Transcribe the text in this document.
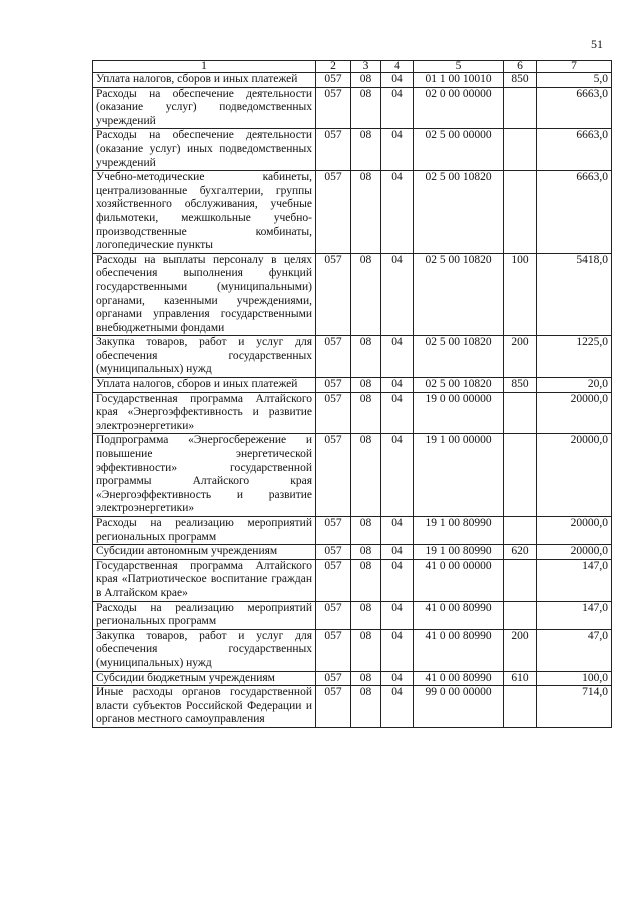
51
1	2	3	4	5	6	7
Уплата налогов, сборов и иных платежей	057	08	04	01 1 00 10010	850	5,0
Расходы на обеспечение деятельности (оказание услуг) подведомственных учреждений	057	08	04	02 0 00 00000		6663,0
Расходы на обеспечение деятельности (оказание услуг) иных подведомственных учреждений	057	08	04	02 5 00 00000		6663,0
Учебно-методические кабинеты, централизованные бухгалтерии, группы хозяйственного обслуживания, учебные фильмотеки, межшкольные учебно-производственные комбинаты, логопедические пункты	057	08	04	02 5 00 10820		6663,0
Расходы на выплаты персоналу в целях обеспечения выполнения функций государственными (муниципальными) органами, казенными учреждениями, органами управления государственными внебюджетными фондами	057	08	04	02 5 00 10820	100	5418,0
Закупка товаров, работ и услуг для обеспечения государственных (муниципальных) нужд	057	08	04	02 5 00 10820	200	1225,0
Уплата налогов, сборов и иных платежей	057	08	04	02 5 00 10820	850	20,0
Государственная программа Алтайского края «Энергоэффективность и развитие электроэнергетики»	057	08	04	19 0 00 00000		20000,0
Подпрограмма «Энергосбережение и повышение энергетической эффективности» государственной программы Алтайского края «Энергоэффективность и развитие электроэнергетики»	057	08	04	19 1 00 00000		20000,0
Расходы на реализацию мероприятий региональных программ	057	08	04	19 1 00 80990		20000,0
Субсидии автономным учреждениям	057	08	04	19 1 00 80990	620	20000,0
Государственная программа Алтайского края «Патриотическое воспитание граждан в Алтайском крае»	057	08	04	41 0 00 00000		147,0
Расходы на реализацию мероприятий региональных программ	057	08	04	41 0 00 80990		147,0
Закупка товаров, работ и услуг для обеспечения государственных (муниципальных) нужд	057	08	04	41 0 00 80990	200	47,0
Субсидии бюджетным учреждениям	057	08	04	41 0 00 80990	610	100,0
Иные расходы органов государственной власти субъектов Российской Федерации и органов местного самоуправления	057	08	04	99 0 00 00000		714,0
